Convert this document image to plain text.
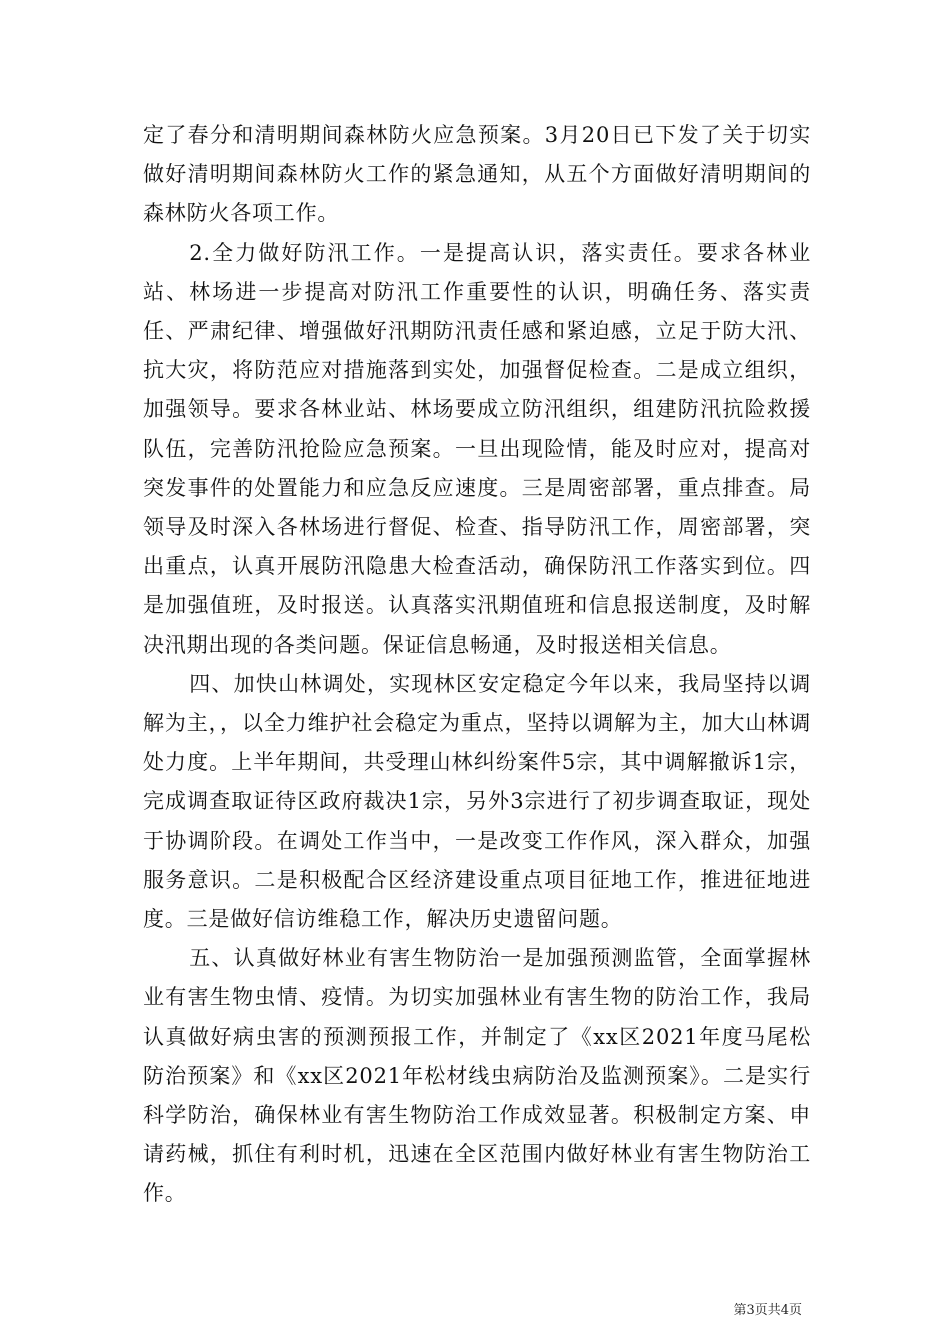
定了春分和清明期间森林防火应急预案。3月20日已下发了关于切实做好清明期间森林防火工作的紧急通知，从五个方面做好清明期间的森林防火各项工作。

2.全力做好防汛工作。一是提高认识，落实责任。要求各林业站、林场进一步提高对防汛工作重要性的认识，明确任务、落实责任、严肃纪律、增强做好汛期防汛责任感和紧迫感，立足于防大汛、抗大灾，将防范应对措施落到实处，加强督促检查。二是成立组织，加强领导。要求各林业站、林场要成立防汛组织，组建防汛抗险救援队伍，完善防汛抢险应急预案。一旦出现险情，能及时应对，提高对突发事件的处置能力和应急反应速度。三是周密部署，重点排查。局领导及时深入各林场进行督促、检查、指导防汛工作，周密部署，突出重点，认真开展防汛隐患大检查活动，确保防汛工作落实到位。四是加强值班，及时报送。认真落实汛期值班和信息报送制度，及时解决汛期出现的各类问题。保证信息畅通，及时报送相关信息。

四、加快山林调处，实现林区安定稳定今年以来，我局坚持以调解为主，，以全力维护社会稳定为重点，坚持以调解为主，加大山林调处力度。上半年期间，共受理山林纠纷案件5宗，其中调解撤诉1宗，完成调查取证待区政府裁决1宗，另外3宗进行了初步调查取证，现处于协调阶段。在调处工作当中，一是改变工作作风，深入群众，加强服务意识。二是积极配合区经济建设重点项目征地工作，推进征地进度。三是做好信访维稳工作，解决历史遗留问题。

五、认真做好林业有害生物防治一是加强预测监管，全面掌握林业有害生物虫情、疫情。为切实加强林业有害生物的防治工作，我局认真做好病虫害的预测预报工作，并制定了《xx区2021年度马尾松防治预案》和《xx区2021年松材线虫病防治及监测预案》。二是实行科学防治，确保林业有害生物防治工作成效显著。积极制定方案、申请药械，抓住有利时机，迅速在全区范围内做好林业有害生物防治工作。

第3页共4页
